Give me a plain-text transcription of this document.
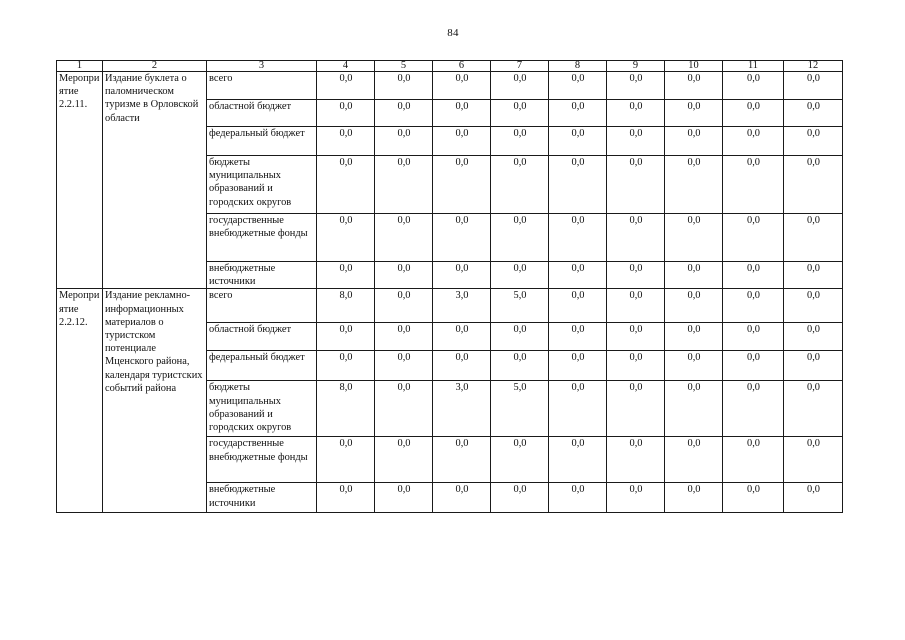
84
1	2	3	4	5	6	7	8	9	10	11	12
Мероприятие 2.2.11.	Издание буклета о паломническом туризме в Орловской области	всего	0,0	0,0	0,0	0,0	0,0	0,0	0,0	0,0	0,0
		областной бюджет	0,0	0,0	0,0	0,0	0,0	0,0	0,0	0,0	0,0
		федеральный бюджет	0,0	0,0	0,0	0,0	0,0	0,0	0,0	0,0	0,0
		бюджеты муниципальных образований и городских округов	0,0	0,0	0,0	0,0	0,0	0,0	0,0	0,0	0,0
		государственные внебюджетные фонды	0,0	0,0	0,0	0,0	0,0	0,0	0,0	0,0	0,0
		внебюджетные источники	0,0	0,0	0,0	0,0	0,0	0,0	0,0	0,0	0,0
Мероприятие 2.2.12.	Издание рекламно-информационных материалов о туристском потенциале Мценского района, календаря туристских событий района	всего	8,0	0,0	3,0	5,0	0,0	0,0	0,0	0,0	0,0
		областной бюджет	0,0	0,0	0,0	0,0	0,0	0,0	0,0	0,0	0,0
		федеральный бюджет	0,0	0,0	0,0	0,0	0,0	0,0	0,0	0,0	0,0
		бюджеты муниципальных образований и городских округов	8,0	0,0	3,0	5,0	0,0	0,0	0,0	0,0	0,0
		государственные внебюджетные фонды	0,0	0,0	0,0	0,0	0,0	0,0	0,0	0,0	0,0
		внебюджетные источники	0,0	0,0	0,0	0,0	0,0	0,0	0,0	0,0	0,0
